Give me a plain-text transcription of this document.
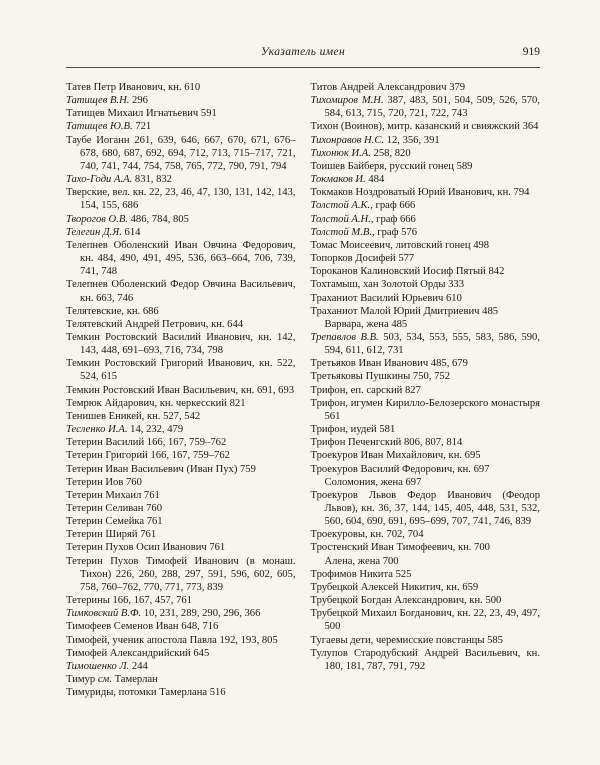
Указатель имен	919
Татев Петр Иванович, кн. 610
Татищев В.Н. 296
Татищев Михаил Игнатьевич 591
Татищев Ю.В. 721
Таубе Иоганн 261, 639, 646, 667, 670, 671, 676–678, 680, 687, 692, 694, 712, 713, 715–717, 721, 740, 741, 744, 754, 758, 765, 772, 790, 791, 794
Тахо-Годи А.А. 831, 832
Тверские, вел. кн. 22, 23, 46, 47, 130, 131, 142, 143, 154, 155, 686
Творогов О.В. 486, 784, 805
Телегин Д.Я. 614
Телепнев Оболенский Иван Овчина Федорович, кн. 484, 490, 491, 495, 536, 663–664, 706, 739, 741, 748
Телепнев Оболенский Федор Овчина Васильевич, кн. 663, 746
Телятевские, кн. 686
Телятевский Андрей Петрович, кн. 644
Темкин Ростовский Василий Иванович, кн. 142, 143, 448, 691–693, 716, 734, 798
Темкин Ростовский Григорий Иванович, кн. 522, 524, 615
Темкин Ростовский Иван Васильевич, кн. 691, 693
Темрюк Айдарович, кн. черкесский 821
Тенишев Еникей, кн. 527, 542
Тесленко И.А. 14, 232, 479
Тетерин Василий 166, 167, 759–762
Тетерин Григорий 166, 167, 759–762
Тетерин Иван Васильевич (Иван Пух) 759
Тетерин Иов 760
Тетерин Михаил 761
Тетерин Селиван 760
Тетерин Семейка 761
Тетерин Ширяй 761
Тетерин Пухов Осип Иванович 761
Тетерин Пухов Тимофей Иванович (в монаш. Тихон) 226, 260, 288, 297, 591, 596, 602, 605, 758, 760–762, 770, 771, 773, 839
Тетерины 166, 167, 457, 761
Тимковский В.Ф. 10, 231, 289, 290, 296, 366
Тимофеев Семенов Иван 648, 716
Тимофей, ученик апостола Павла 192, 193, 805
Тимофей Александрийский 645
Тимошенко Л. 244
Тимур см. Тамерлан
Тимуриды, потомки Тамерлана 516
Титов Андрей Александрович 379
Тихомиров М.Н. 387, 483, 501, 504, 509, 526, 570, 584, 613, 715, 720, 721, 722, 743
Тихон (Воинов), митр. казанский и свияжский 364
Тихонравов Н.С. 12, 356, 391
Тихонюк И.А. 258, 820
Тоишев Байберя, русский гонец 589
Токмаков И. 484
Токмаков Ноздроватый Юрий Иванович, кн. 794
Толстой А.К., граф 666
Толстой А.Н., граф 666
Толстой М.В., граф 576
Томас Моисеевич, литовский гонец 498
Топорков Досифей 577
Тороканов Калиновский Иосиф Пятый 842
Тохтамыш, хан Золотой Орды 333
Траханиот Василий Юрьевич 610
Траханиот Малой Юрий Дмитриевич 485
Варвара, жена 485
Трепавлов В.В. 503, 534, 553, 555, 583, 586, 590, 594, 611, 612, 731
Третьяков Иван Иванович 485, 679
Третьяковы Пушкины 750, 752
Трифон, еп. сарский 827
Трифон, игумен Кирилло-Белозерского монастыря 561
Трифон, иудей 581
Трифон Печенгский 806, 807, 814
Троекуров Иван Михайлович, кн. 695
Троекуров Василий Федорович, кн. 697
Соломония, жена 697
Троекуров Львов Федор Иванович (Феодор Львов), кн. 36, 37, 144, 145, 405, 448, 531, 532, 560, 604, 690, 691, 695–699, 707, 741, 746, 839
Троекуровы, кн. 702, 704
Тростенский Иван Тимофеевич, кн. 700
Алена, жена 700
Трофимов Никита 525
Трубецкой Алексей Никитич, кн. 659
Трубецкой Богдан Александрович, кн. 500
Трубецкой Михаил Богданович, кн. 22, 23, 49, 497, 500
Тугаевы дети, черемисские повстанцы 585
Тулупов Стародубский Андрей Васильевич, кн. 180, 181, 787, 791, 792
